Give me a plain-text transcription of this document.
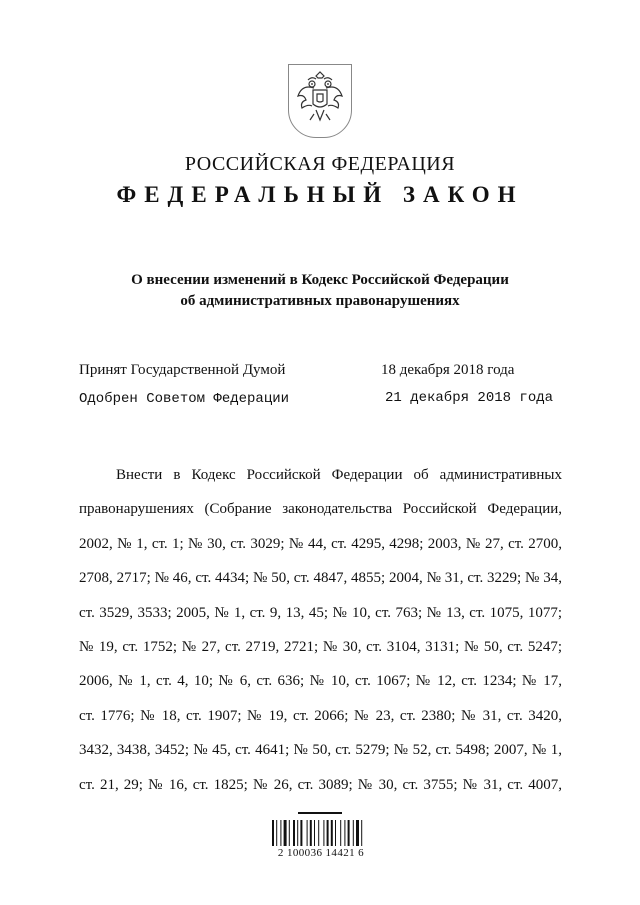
РОССИЙСКАЯ ФЕДЕРАЦИЯ
ФЕДЕРАЛЬНЫЙ ЗАКОН
О внесении изменений в Кодекс Российской Федерации
об административных правонарушениях
Принят Государственной Думой	18 декабря 2018 года
Одобрен Советом Федерации	21 декабря 2018 года
Внести в Кодекс Российской Федерации об административных
правонарушениях (Собрание законодательства Российской Федерации,
2002, № 1, ст. 1; № 30, ст. 3029; № 44, ст. 4295, 4298; 2003, № 27, ст. 2700,
2708, 2717; № 46, ст. 4434; № 50, ст. 4847, 4855; 2004, № 31, ст. 3229; № 34,
ст. 3529, 3533; 2005, № 1, ст. 9, 13, 45; № 10, ст. 763; № 13, ст. 1075, 1077;
№ 19, ст. 1752; № 27, ст. 2719, 2721; № 30, ст. 3104, 3131; № 50, ст. 5247;
2006, № 1, ст. 4, 10; № 6, ст. 636; № 10, ст. 1067; № 12, ст. 1234; № 17,
ст. 1776; № 18, ст. 1907; № 19, ст. 2066; № 23, ст. 2380; № 31, ст. 3420,
3432, 3438, 3452; № 45, ст. 4641; № 50, ст. 5279; № 52, ст. 5498; 2007, № 1,
ст. 21, 29; № 16, ст. 1825; № 26, ст. 3089; № 30, ст. 3755; № 31, ст. 4007,
2 100036 14421 6
